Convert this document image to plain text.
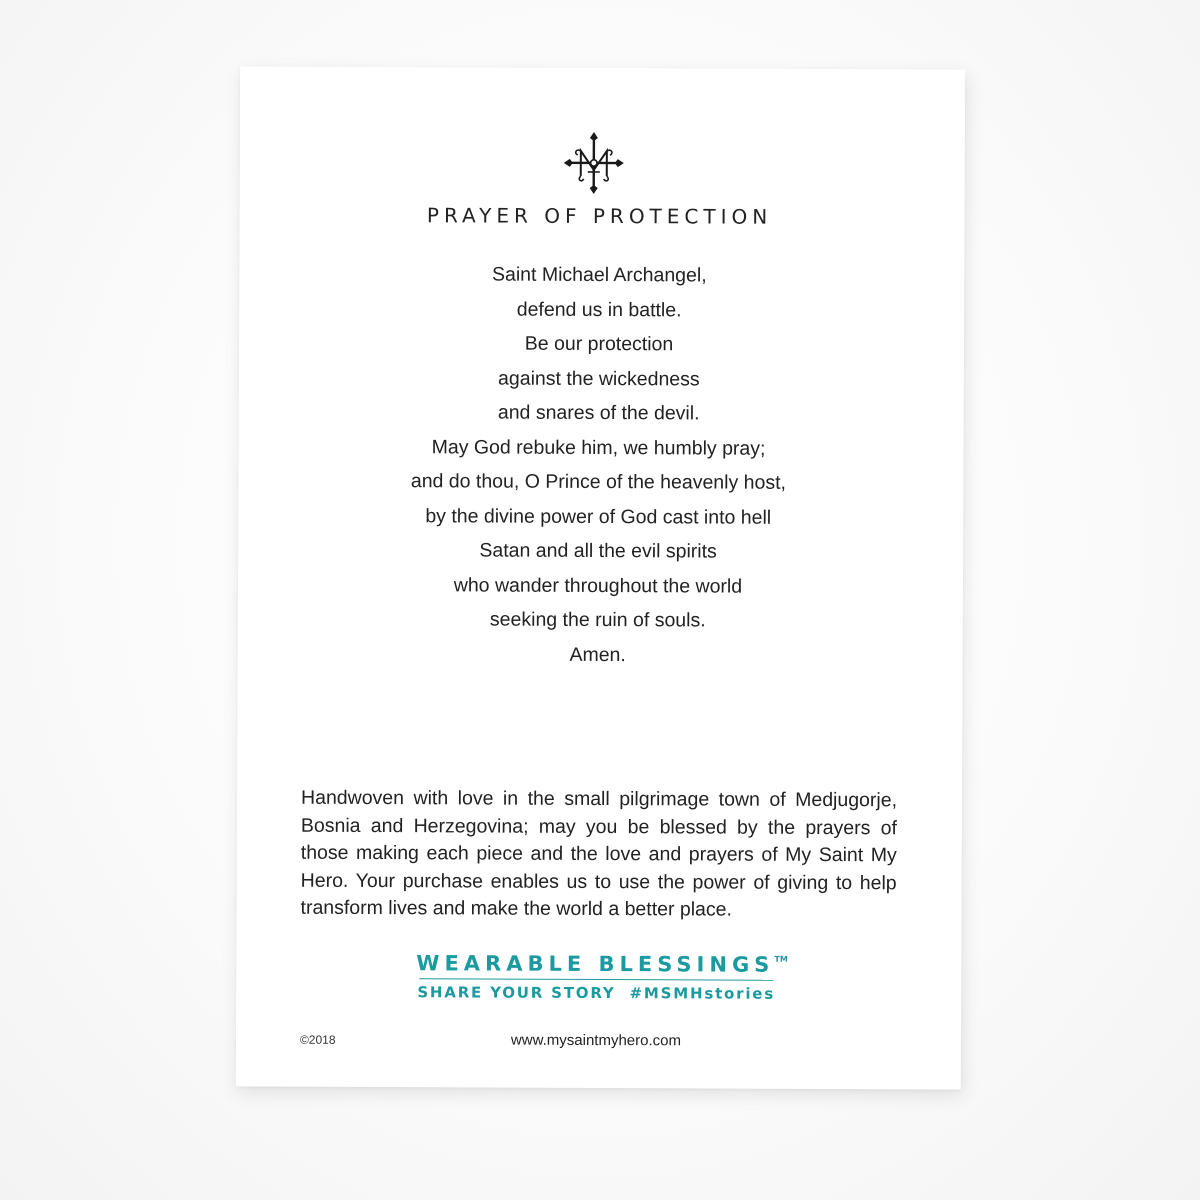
PRAYER OF PROTECTION
Saint Michael Archangel,
defend us in battle.
Be our protection
against the wickedness
and snares of the devil.
May God rebuke him, we humbly pray;
and do thou, O Prince of the heavenly host,
by the divine power of God cast into hell
Satan and all the evil spirits
who wander throughout the world
seeking the ruin of souls.
Amen.
Handwoven with love in the small pilgrimage town of Medjugorje, Bosnia and Herzegovina; may you be blessed by the prayers of those making each piece and the love and prayers of My Saint My Hero. Your purchase enables us to use the power of giving to help transform lives and make the world a better place.
WEARABLE BLESSINGS™
SHARE YOUR STORY  #MSMHstories
©2018	www.mysaintmyhero.com
